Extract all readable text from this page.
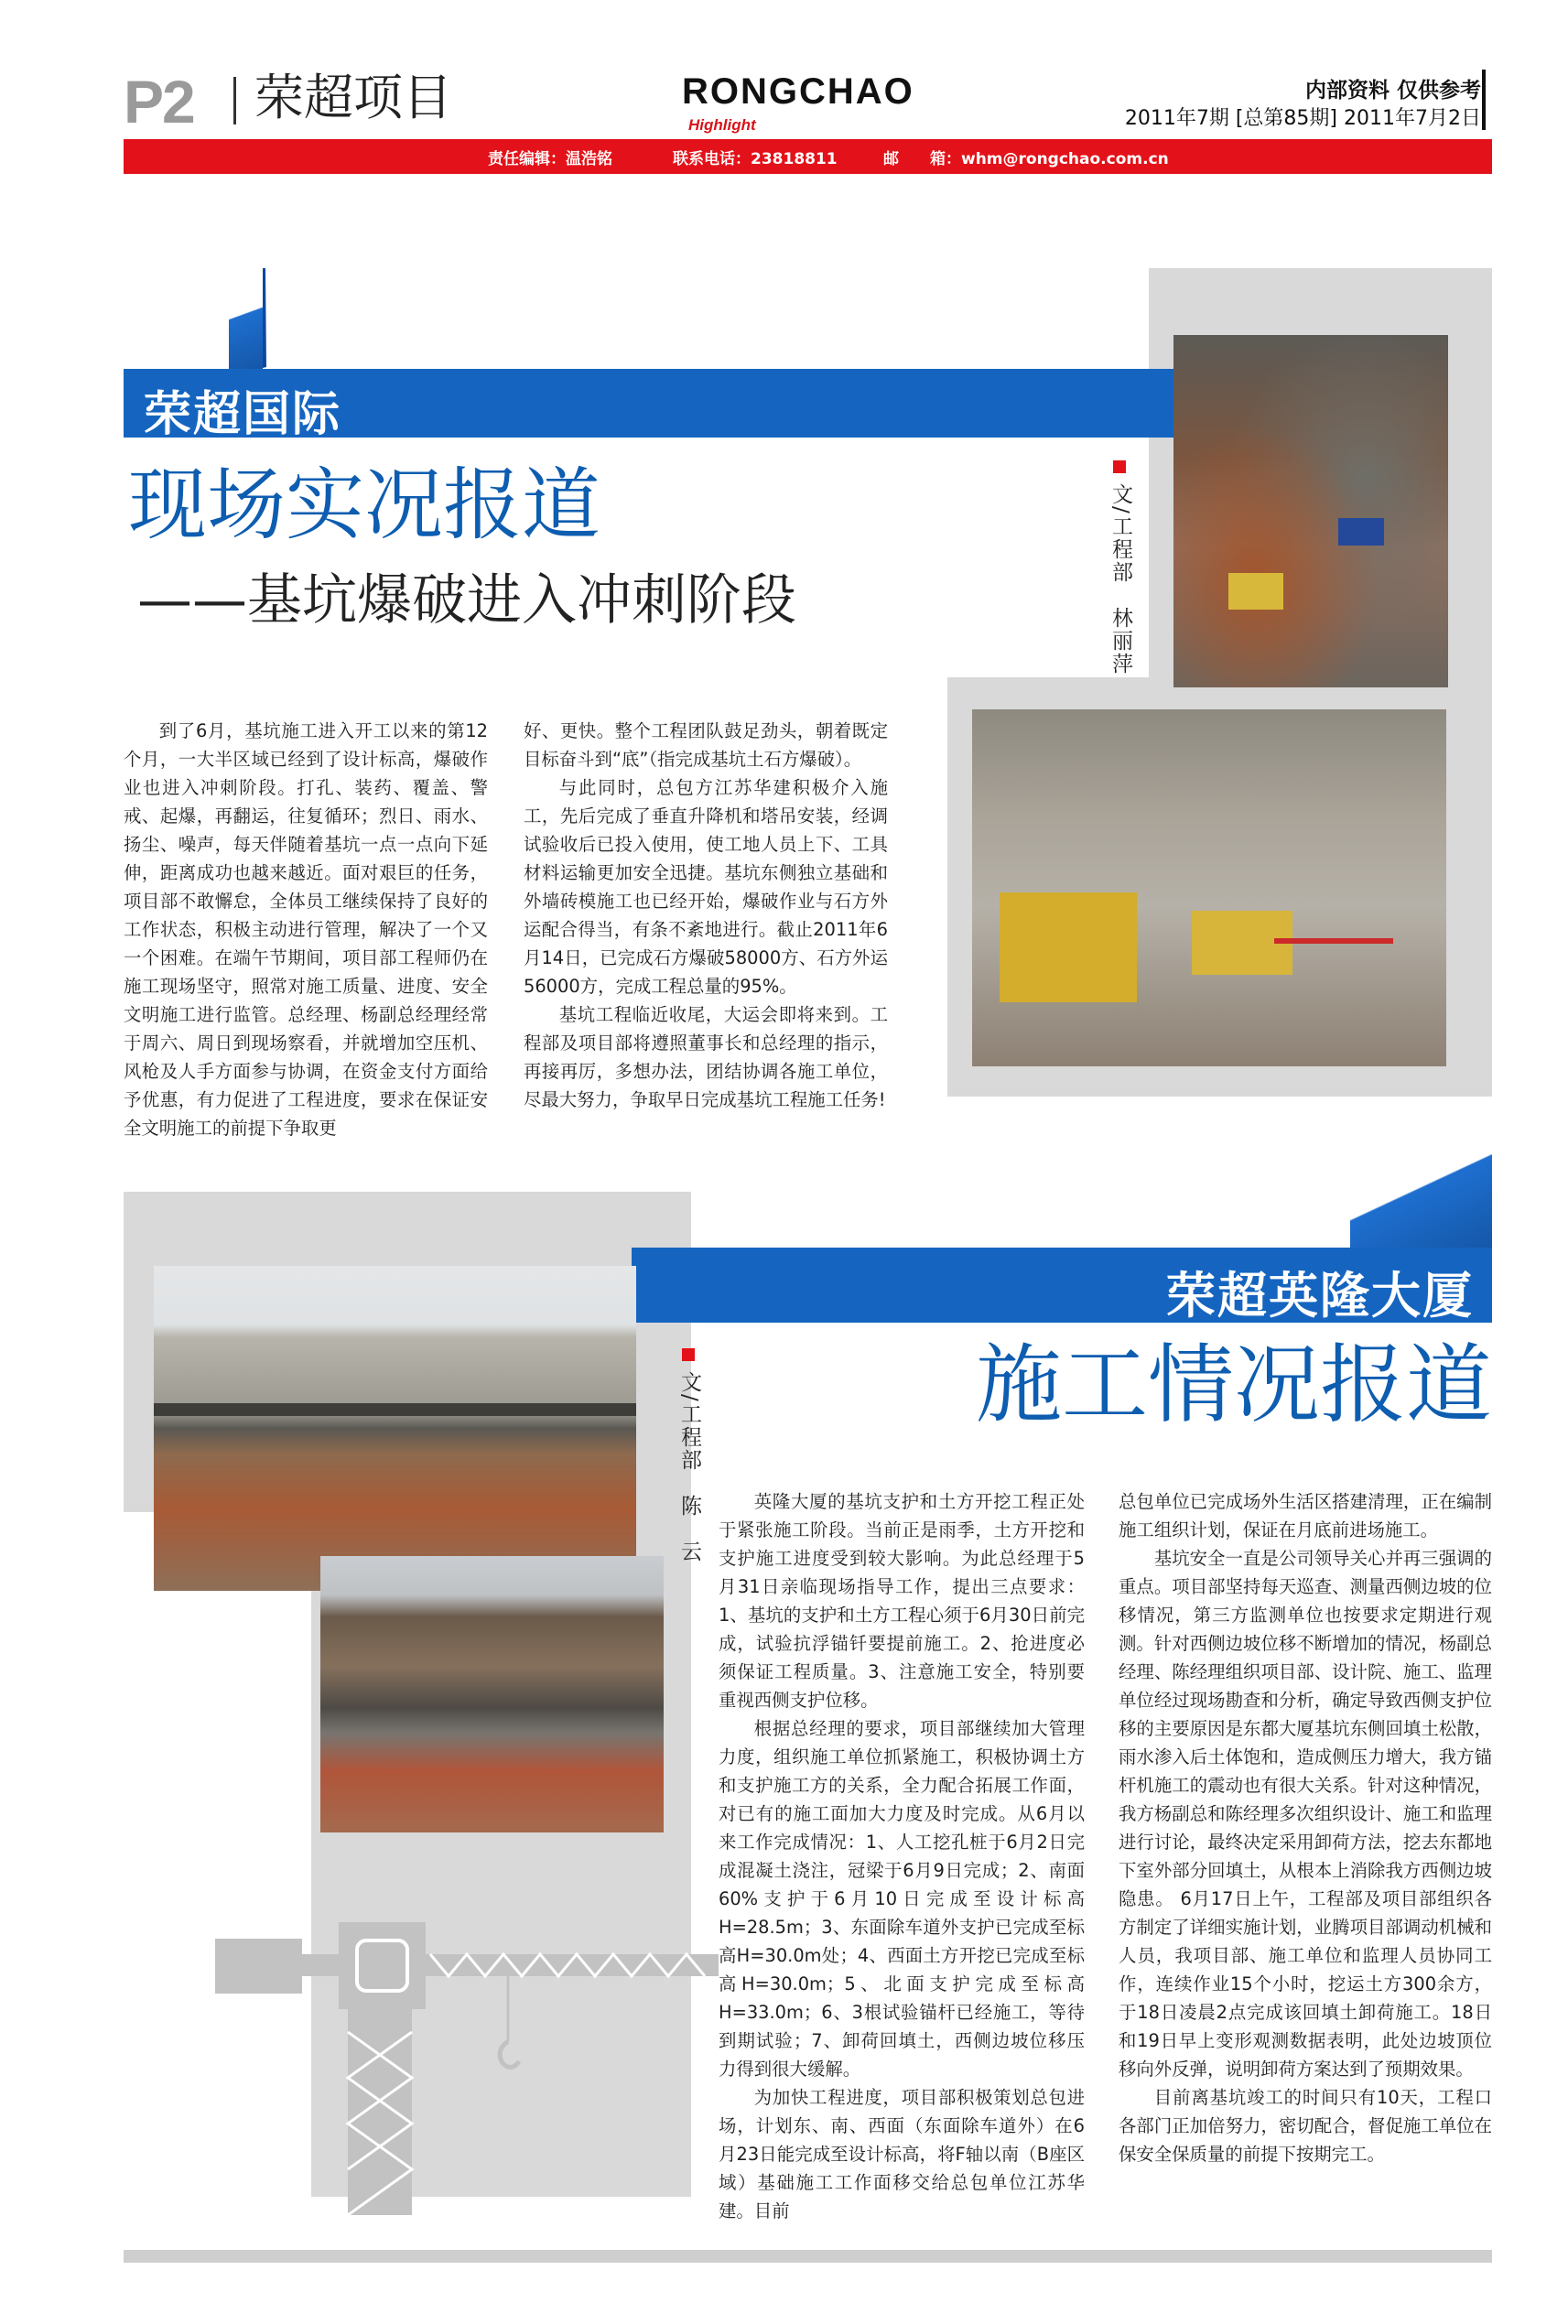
P2 荣超项目	RONGCHAO
Highlight
内部资料 仅供参考
2011年7期 [总第85期] 2011年7月2日
责任编辑：温浩铭	联系电话：23818811	邮　　箱：whm@rongchao.com.cn
荣超国际
现场实况报道
——基坑爆破进入冲刺阶段	文/工程部　林丽萍

到了6月，基坑施工进入开工以来的第12个月，一大半区域已经到了设计标高，爆破作业也进入冲刺阶段。打孔、装药、覆盖、警戒、起爆，再翻运，往复循环；烈日、雨水、扬尘、噪声，每天伴随着基坑一点一点向下延伸，距离成功也越来越近。面对艰巨的任务，项目部不敢懈怠，全体员工继续保持了良好的工作状态，积极主动进行管理，解决了一个又一个困难。在端午节期间，项目部工程师仍在施工现场坚守，照常对施工质量、进度、安全文明施工进行监管。总经理、杨副总经理经常于周六、周日到现场察看，并就增加空压机、风枪及人手方面参与协调，在资金支付方面给予优惠，有力促进了工程进度，要求在保证安全文明施工的前提下争取更

好、更快。整个工程团队鼓足劲头，朝着既定目标奋斗到“底”（指完成基坑土石方爆破）。

与此同时，总包方江苏华建积极介入施工，先后完成了垂直升降机和塔吊安装，经调试验收后已投入使用，使工地人员上下、工具材料运输更加安全迅捷。基坑东侧独立基础和外墙砖模施工也已经开始，爆破作业与石方外运配合得当，有条不紊地进行。截止2011年6月14日，已完成石方爆破58000方、石方外运56000方，完成工程总量的95%。

基坑工程临近收尾，大运会即将来到。工程部及项目部将遵照董事长和总经理的指示，再接再厉，多想办法，团结协调各施工单位，尽最大努力，争取早日完成基坑工程施工任务!

荣超英隆大厦
施工情况报道
文/工程部　陈　云	英隆大厦的基坑支护和土方开挖工程正处于紧张施工阶段。当前正是雨季，土方开挖和支护施工进度受到较大影响。为此总经理于5月31日亲临现场指导工作，提出三点要求：1、基坑的支护和土方工程心须于6月30日前完成，试验抗浮锚钎要提前施工。2、抢进度必须保证工程质量。3、注意施工安全，特别要重视西侧支护位移。

根据总经理的要求，项目部继续加大管理力度，组织施工单位抓紧施工，积极协调土方和支护施工方的关系，全力配合拓展工作面，对已有的施工面加大力度及时完成。从6月以来工作完成情况：1、人工挖孔桩于6月2日完成混凝土浇注，冠梁于6月9日完成；2、南面60%支护于6月10日完成至设计标高H=28.5m；3、东面除车道外支护已完成至标高H=30.0m处；4、西面土方开挖已完成至标高H=30.0m；5、北面支护完成至标高H=33.0m；6、3根试验锚杆已经施工，等待到期试验；7、卸荷回填土，西侧边坡位移压力得到很大缓解。

为加快工程进度，项目部积极策划总包进场，计划东、南、西面（东面除车道外）在6月23日能完成至设计标高，将F轴以南（B座区域）基础施工工作面移交给总包单位江苏华建。目前

总包单位已完成场外生活区搭建清理，正在编制施工组织计划，保证在月底前进场施工。

基坑安全一直是公司领导关心并再三强调的重点。项目部坚持每天巡查、测量西侧边坡的位移情况，第三方监测单位也按要求定期进行观测。针对西侧边坡位移不断增加的情况，杨副总经理、陈经理组织项目部、设计院、施工、监理单位经过现场勘查和分析，确定导致西侧支护位移的主要原因是东都大厦基坑东侧回填土松散，雨水渗入后土体饱和，造成侧压力增大，我方锚杆机施工的震动也有很大关系。针对这种情况，我方杨副总和陈经理多次组织设计、施工和监理进行讨论，最终决定采用卸荷方法，挖去东都地下室外部分回填土，从根本上消除我方西侧边坡隐患。 6月17日上午，工程部及项目部组织各方制定了详细实施计划，业腾项目部调动机械和人员，我项目部、施工单位和监理人员协同工作，连续作业15个小时，挖运土方300余方，于18日凌晨2点完成该回填土卸荷施工。18日和19日早上变形观测数据表明，此处边坡顶位移向外反弹，说明卸荷方案达到了预期效果。

目前离基坑竣工的时间只有10天，工程口各部门正加倍努力，密切配合，督促施工单位在保安全保质量的前提下按期完工。
